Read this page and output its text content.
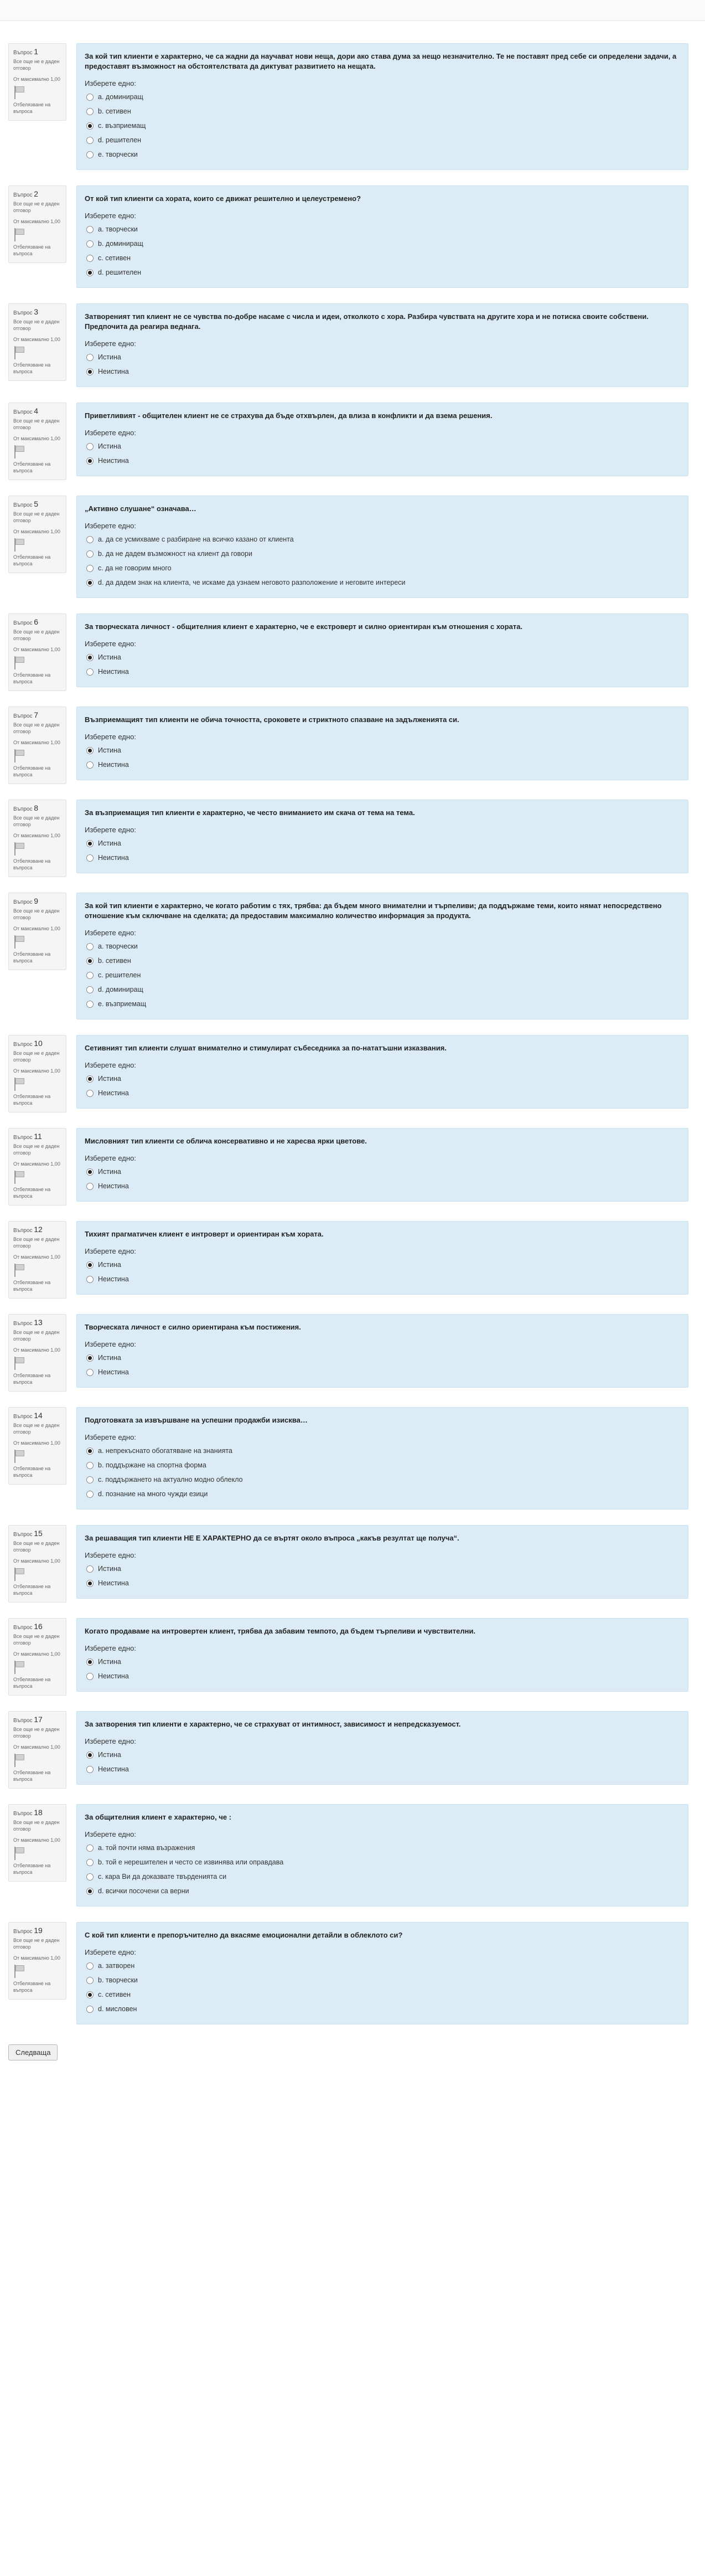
Въпрос 1
Все още не е даден отговор
От максимално 1,00
Отбелязване на въпроса
За кой тип клиенти е характерно, че са жадни да научават нови неща, дори ако става дума за нещо незначително. Те не поставят пред себе си определени задачи, а предоставят възможност на обстоятелствата да диктуват развитието на нещата.
Изберете едно:
a. доминиращ
b. сетивен
c. възприемащ
d. решителен
e. творчески
Въпрос 2
Все още не е даден отговор
От максимално 1,00
Отбелязване на въпроса
От кой тип клиенти са хората, които се движат решително и целеустремено?
Изберете едно:
a. творчески
b. доминиращ
c. сетивен
d. решителен
Въпрос 3
Все още не е даден отговор
От максимално 1,00
Отбелязване на въпроса
Затвореният тип клиент не се чувства по-добре насаме с числа и идеи, отколкото с хора. Разбира чувствата на другите хора и не потиска своите собствени. Предпочита да реагира веднага.
Изберете едно:
Истина
Неистина
Въпрос 4
Все още не е даден отговор
От максимално 1,00
Отбелязване на въпроса
Приветливият - общителен клиент не се страхува да бъде отхвърлен, да влиза в конфликти и да взема решения.
Изберете едно:
Истина
Неистина
Въпрос 5
Все още не е даден отговор
От максимално 1,00
Отбелязване на въпроса
„Активно слушане“ означава…
Изберете едно:
a. да се усмихваме с разбиране на всичко казано от клиента
b. да не дадем възможност на клиент да говори
c. да не говорим много
d. да дадем знак на клиента, че искаме да узнаем неговото разположение и неговите интереси
Въпрос 6
Все още не е даден отговор
От максимално 1,00
Отбелязване на въпроса
За творческата личност - общителния клиент е характерно, че е екстроверт и силно ориентиран към отношения с хората.
Изберете едно:
Истина
Неистина
Въпрос 7
Все още не е даден отговор
От максимално 1,00
Отбелязване на въпроса
Възприемащият тип клиенти не обича точността, сроковете и стриктното спазване на задълженията си.
Изберете едно:
Истина
Неистина
Въпрос 8
Все още не е даден отговор
От максимално 1,00
Отбелязване на въпроса
За възприемащия тип клиенти е характерно, че често вниманието им скача от тема на тема.
Изберете едно:
Истина
Неистина
Въпрос 9
Все още не е даден отговор
От максимално 1,00
Отбелязване на въпроса
За кой тип клиенти е характерно, че когато работим с тях, трябва: да бъдем много внимателни и търпеливи; да поддържаме теми, които нямат непосредствено отношение към сключване на сделката; да предоставим максимално количество информация за продукта.
Изберете едно:
a. творчески
b. сетивен
c. решителен
d. доминиращ
e. възприемащ
Въпрос 10
Все още не е даден отговор
От максимално 1,00
Отбелязване на въпроса
Сетивният тип клиенти слушат внимателно и стимулират събеседника за по-нататъшни изказвания.
Изберете едно:
Истина
Неистина
Въпрос 11
Все още не е даден отговор
От максимално 1,00
Отбелязване на въпроса
Мисловният тип клиенти се облича консервативно и не харесва ярки цветове.
Изберете едно:
Истина
Неистина
Въпрос 12
Все още не е даден отговор
От максимално 1,00
Отбелязване на въпроса
Тихият прагматичен клиент е интроверт и ориентиран към хората.
Изберете едно:
Истина
Неистина
Въпрос 13
Все още не е даден отговор
От максимално 1,00
Отбелязване на въпроса
Творческата личност е силно ориентирана към постижения.
Изберете едно:
Истина
Неистина
Въпрос 14
Все още не е даден отговор
От максимално 1,00
Отбелязване на въпроса
Подготовката за извършване на успешни продажби изисква…
Изберете едно:
a. непрекъснато обогатяване на знанията
b. поддържане на спортна форма
c. поддържането на актуално модно облекло
d. познание на много чужди езици
Въпрос 15
Все още не е даден отговор
От максимално 1,00
Отбелязване на въпроса
За решаващия тип клиенти НЕ Е ХАРАКТЕРНО да се въртят около въпроса „какъв резултат ще получа“.
Изберете едно:
Истина
Неистина
Въпрос 16
Все още не е даден отговор
От максимално 1,00
Отбелязване на въпроса
Когато продаваме на интровертен клиент, трябва да забавим темпото, да бъдем търпеливи и чувствителни.
Изберете едно:
Истина
Неистина
Въпрос 17
Все още не е даден отговор
От максимално 1,00
Отбелязване на въпроса
За затворения тип клиенти е характерно, че се страхуват от интимност, зависимост и непредсказуемост.
Изберете едно:
Истина
Неистина
Въпрос 18
Все още не е даден отговор
От максимално 1,00
Отбелязване на въпроса
За общителния клиент е характерно, че :
Изберете едно:
a. той почти няма възражения
b. той е нерешителен и често се извинява или оправдава
c. кара Ви да доказвате твърденията си
d. всички посочени са верни
Въпрос 19
Все още не е даден отговор
От максимално 1,00
Отбелязване на въпроса
С кой тип клиенти е препоръчително да вкасяме емоционални детайли в облеклото си?
Изберете едно:
a. затворен
b. творчески
c. сетивен
d. мисловен
Следваща
